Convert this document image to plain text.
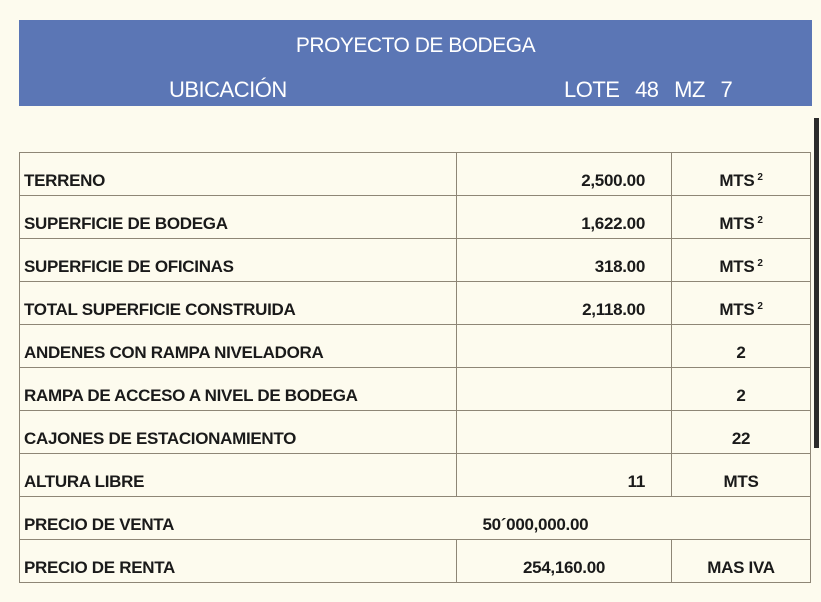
PROYECTO DE BODEGA
UBICACIÓN	LOTE 48 MZ 7
TERRENO	2,500.00	MTS $^2$
SUPERFICIE DE BODEGA	1,622.00	MTS $^2$
SUPERFICIE DE OFICINAS	318.00	MTS $^2$
TOTAL SUPERFICIE CONSTRUIDA	2,118.00	MTS $^2$
ANDENES CON RAMPA NIVELADORA		2
RAMPA DE ACCESO A NIVEL DE BODEGA		2
CAJONES DE ESTACIONAMIENTO		22
ALTURA LIBRE	11	MTS
PRECIO DE VENTA	50´000,000.00	
PRECIO DE RENTA	254,160.00	MAS IVA
